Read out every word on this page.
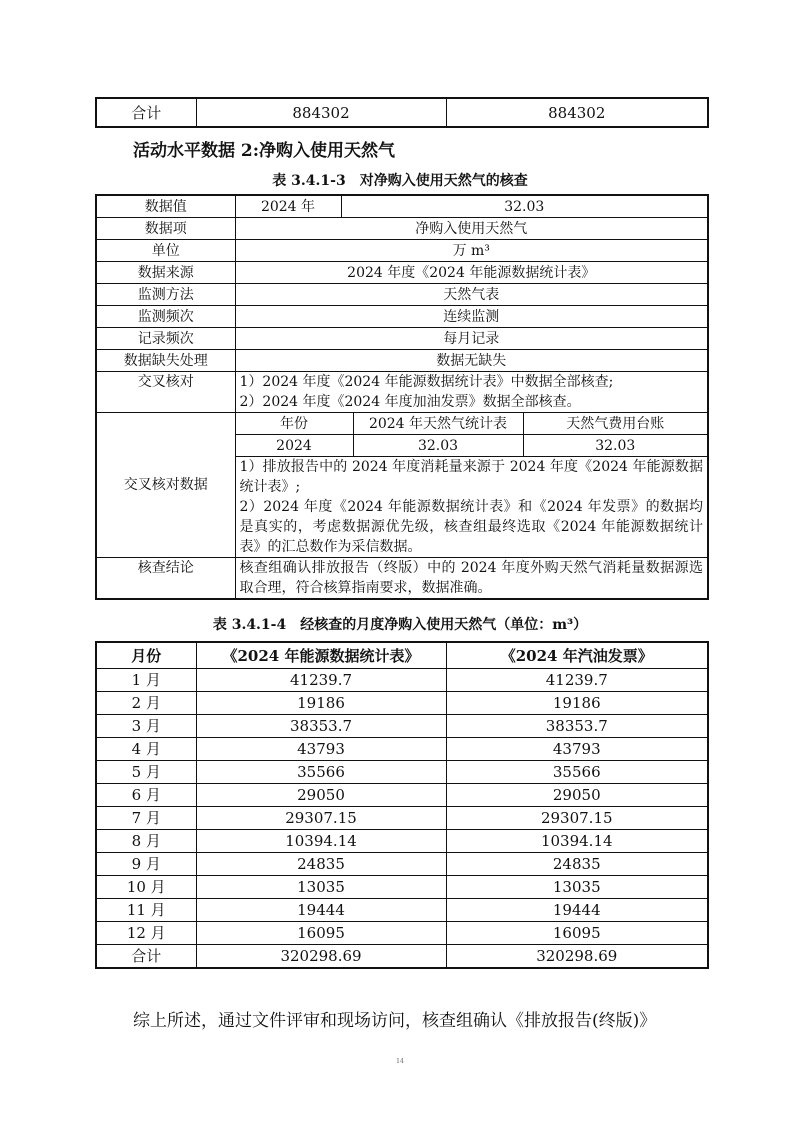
合计	884302	884302

活动水平数据 2:净购入使用天然气

表 3.4.1-3　对净购入使用天然气的核查

数据值	2024 年	32.03		
数据项	净购入使用天然气			
单位	万 m³			
数据来源	2024 年度《2024 年能源数据统计表》			
监测方法	天然气表			
监测频次	连续监测			
记录频次	每月记录			
数据缺失处理	数据无缺失			
交叉核对	1）2024 年度《2024 年能源数据统计表》中数据全部核查;
2）2024 年度《2024 年度加油发票》数据全部核查。			

交叉核对数据	年份		2024 年天然气统计表	天然气费用台账
	2024		32.03	32.03

	1）排放报告中的 2024 年度消耗量来源于 2024 年度《2024 年能源数据统计表》;
2）2024 年度《2024 年能源数据统计表》和《2024 年发票》的数据均是真实的，考虑数据源优先级，核查组最终选取《2024 年能源数据统计表》的汇总数作为采信数据。			

核查结论	核查组确认排放报告（终版）中的 2024 年度外购天然气消耗量数据源选取合理，符合核算指南要求，数据准确。			

表 3.4.1-4　经核查的月度净购入使用天然气（单位：m³）

月份	《2024 年能源数据统计表》	《2024 年汽油发票》
1 月	41239.7	41239.7
2 月	19186	19186
3 月	38353.7	38353.7
4 月	43793	43793
5 月	35566	35566
6 月	29050	29050
7 月	29307.15	29307.15
8 月	10394.14	10394.14
9 月	24835	24835
10 月	13035	13035
11 月	19444	19444
12 月	16095	16095
合计	320298.69	320298.69

综上所述，通过文件评审和现场访问，核查组确认《排放报告(终版)》

14
